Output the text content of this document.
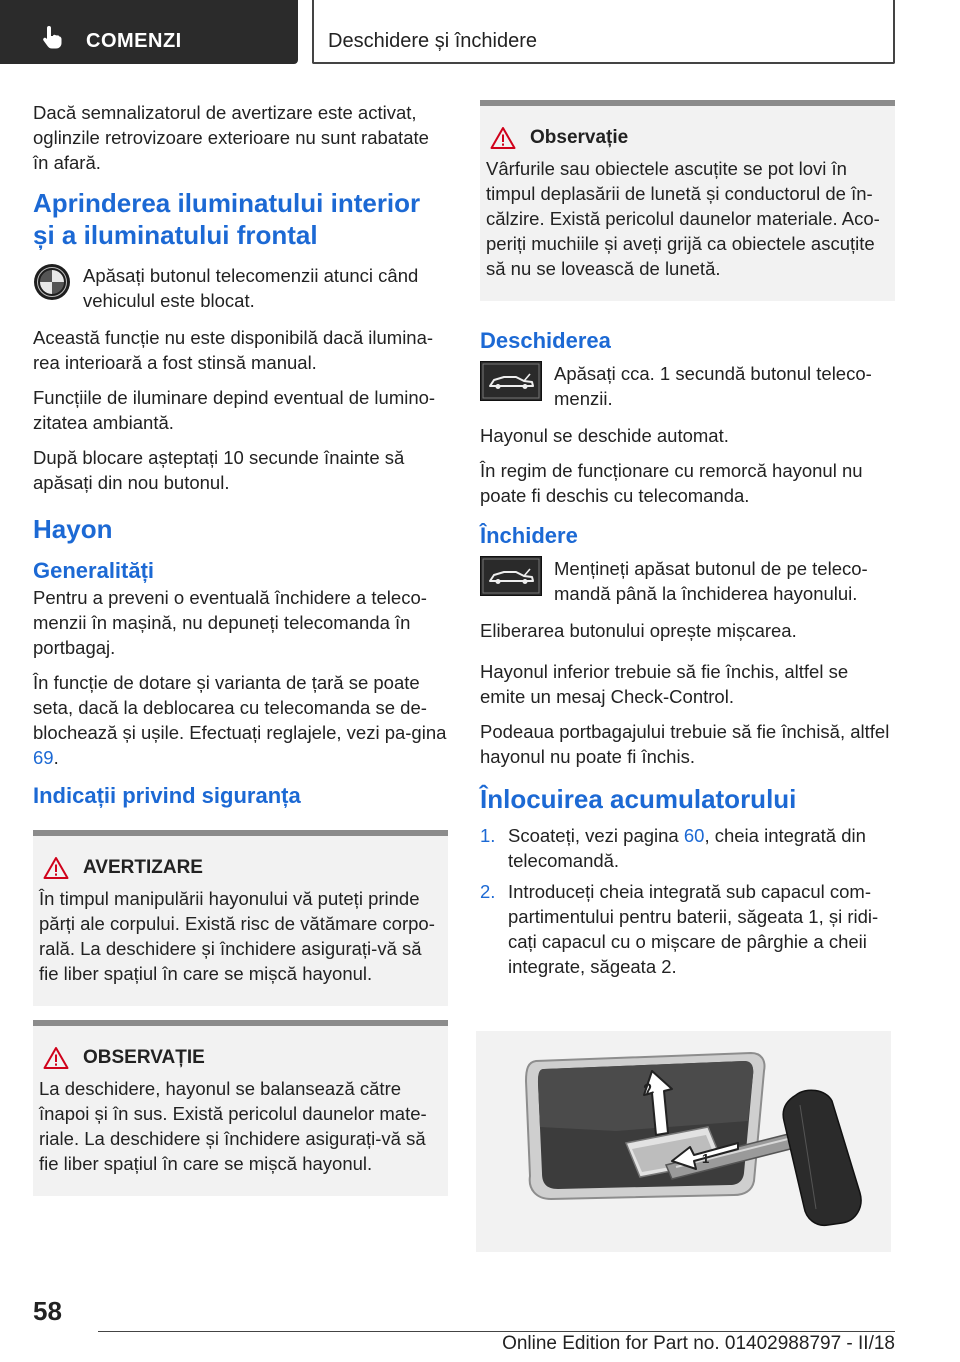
COMENZI	Deschidere și închidere

Dacă semnalizatorul de avertizare este activat, oglinzile retrovizoare exterioare nu sunt rabatate în afară.

Aprinderea iluminatului interior și a iluminatului frontal

Apăsați butonul telecomenzii atunci când vehiculul este blocat.

Această funcție nu este disponibilă dacă ilumina-rea interioară a fost stinsă manual.

Funcțiile de iluminare depind eventual de lumino-zitatea ambiantă.

După blocare așteptați 10 secunde înainte să apăsați din nou butonul.

Hayon
Generalități

Pentru a preveni o eventuală închidere a teleco-menzii în mașină, nu depuneți telecomanda în portbagaj.

În funcție de dotare și varianta de țară se poate seta, dacă la deblocarea cu telecomanda se de-blochează și ușile. Efectuați reglajele, vezi pa-gina 69.

Indicații privind siguranța
AVERTIZARE

În timpul manipulării hayonului vă puteți prinde părți ale corpului. Există risc de vătămare corpo-rală. La deschidere și închidere asigurați-vă să fie liber spațiul în care se mișcă hayonul.

OBSERVAȚIE

La deschidere, hayonul se balansează către înapoi și în sus. Există pericolul daunelor mate-riale. La deschidere și închidere asigurați-vă să fie liber spațiul în care se mișcă hayonul.

Observație

Vârfurile sau obiectele ascuțite se pot lovi în timpul deplasării de lunetă și conductorul de în-călzire. Există pericolul daunelor materiale. Aco-periți muchiile și aveți grijă ca obiectele ascuțite să nu se lovească de lunetă.

Deschiderea

Apăsați cca. 1 secundă butonul teleco-menzii.

Hayonul se deschide automat.

În regim de funcționare cu remorcă hayonul nu poate fi deschis cu telecomanda.

Închidere

Mențineți apăsat butonul de pe teleco-mandă până la închiderea hayonului.

Eliberarea butonului oprește mișcarea.

Hayonul inferior trebuie să fie închis, altfel se emite un mesaj Check-Control.

Podeaua portbagajului trebuie să fie închisă, altfel hayonul nu poate fi închis.

Înlocuirea acumulatorului
1. Scoateți, vezi pagina 60, cheia integrată din telecomandă.
2. Introduceți cheia integrată sub capacul com-partimentului pentru baterii, săgeata 1, și ridi-cați capacul cu o mișcare de pârghie a cheii integrate, săgeata 2.
2
1
58
Online Edition for Part no. 01402988797 - II/18
